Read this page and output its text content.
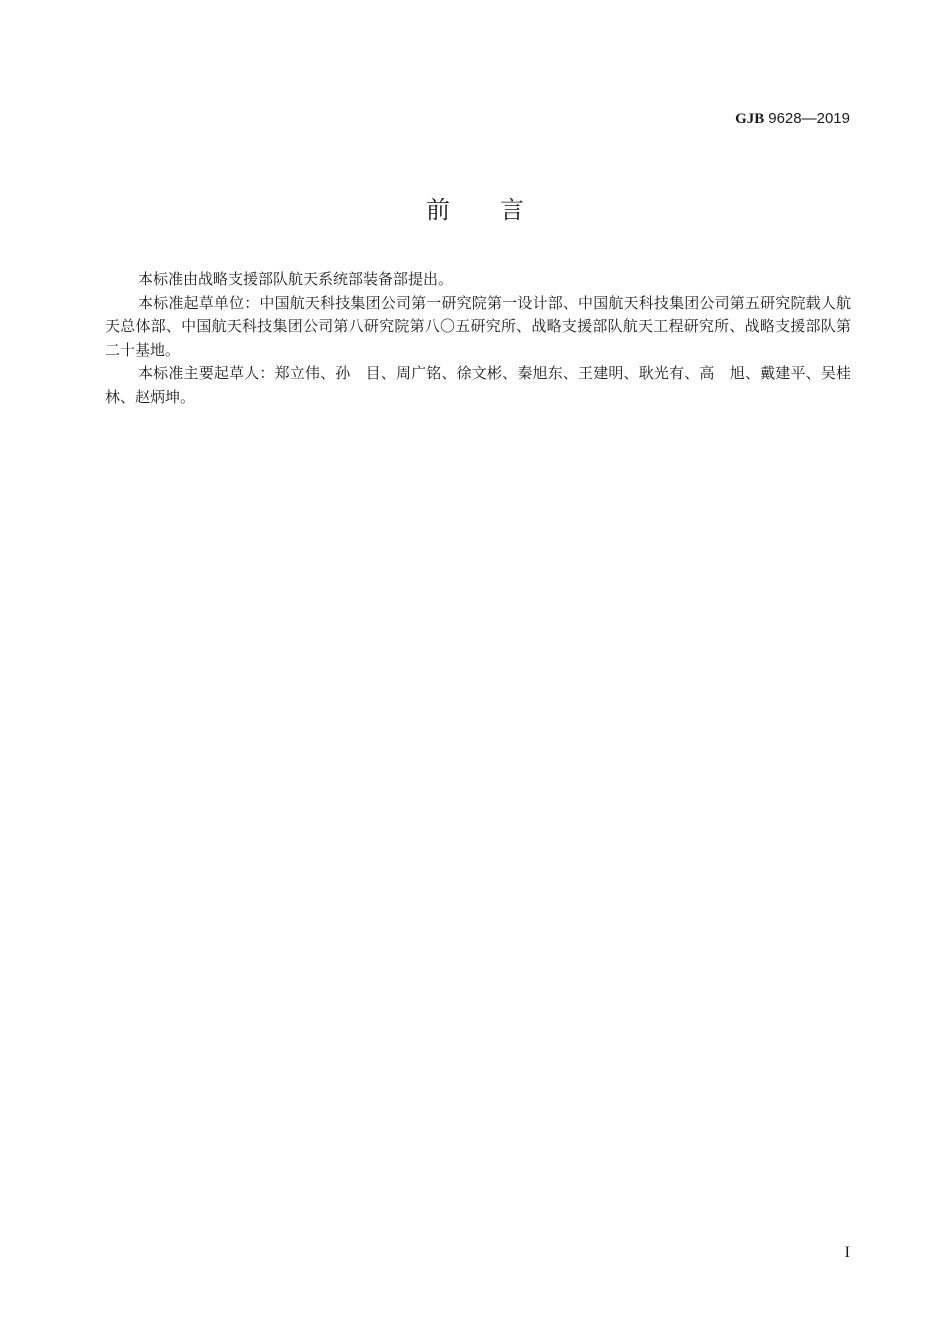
GJB 9628—2019
前 言

本标准由战略支援部队航天系统部装备部提出。

本标准起草单位：中国航天科技集团公司第一研究院第一设计部、中国航天科技集团公司第五研究院载人航天总体部、中国航天科技集团公司第八研究院第八〇五研究所、战略支援部队航天工程研究所、战略支援部队第二十基地。

本标准主要起草人：郑立伟、孙　目、周广铭、徐文彬、秦旭东、王建明、耿光有、高　旭、戴建平、吴桂林、赵炳坤。

I
